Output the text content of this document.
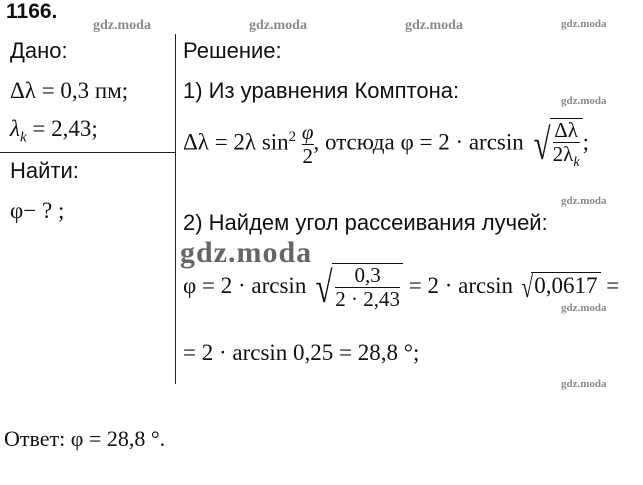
1166.
gdz.moda	gdz.moda	gdz.moda	gdz.moda
gdz.moda
gdz.moda
gdz.moda
gdz.moda
Дано:
Δλ = 0,3 пм;
$\lambda_k = 2,43$;
Найти:
φ− ? ;
Решение:
1) Из уравнения Комптона:
Δλ = 2λ $\sin^2 \frac{\varphi}{2}$ , отсюда φ = 2 · arcsin √ $\frac{\Delta\lambda}{2\lambda_k}$ ;
2) Найдем угол рассеивания лучей:
gdz.moda
φ = 2 · arcsin √ $\frac{0,3}{2 \cdot 2,43} = 2 \cdot \arcsin √0,0617$ =
= 2 · arcsin 0,25 = 28,8 °;
Ответ: φ = 28,8 °.
